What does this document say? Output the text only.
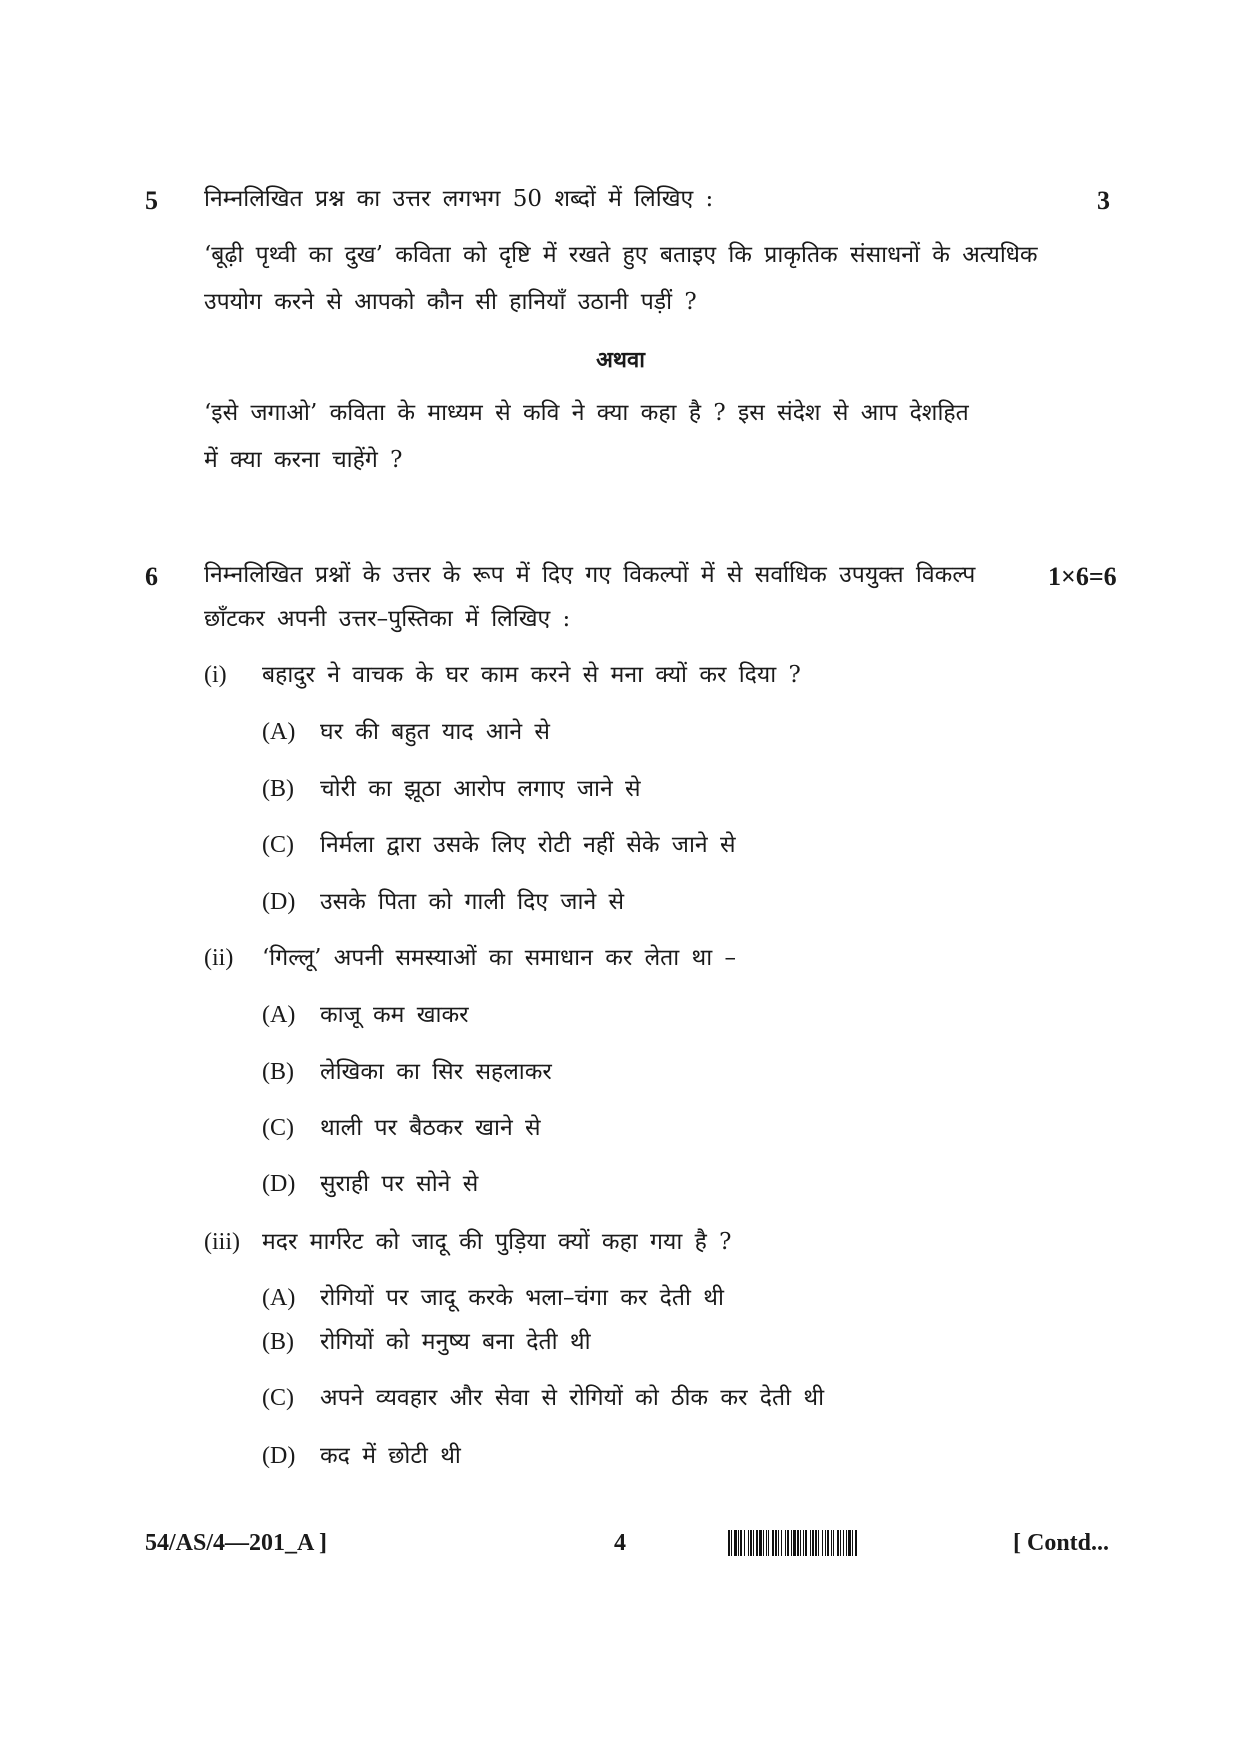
5 निम्नलिखित प्रश्न का उत्तर लगभग 50 शब्दों में लिखिए :	3
‘बूढ़ी पृथ्वी का दुख’ कविता को दृष्टि में रखते हुए बताइए कि प्राकृतिक संसाधनों के अत्यधिक
उपयोग करने से आपको कौन सी हानियाँ उठानी पड़ीं ?
अथवा
‘इसे जगाओ’ कविता के माध्यम से कवि ने क्या कहा है ? इस संदेश से आप देशहित
में क्या करना चाहेंगे ?
6 निम्नलिखित प्रश्नों के उत्तर के रूप में दिए गए विकल्पों में से सर्वाधिक उपयुक्त विकल्प	1×6=6
छाँटकर अपनी उत्तर–पुस्तिका में लिखिए :
(i) बहादुर ने वाचक के घर काम करने से मना क्यों कर दिया ?
(A) घर की बहुत याद आने से
(B) चोरी का झूठा आरोप लगाए जाने से
(C) निर्मला द्वारा उसके लिए रोटी नहीं सेके जाने से
(D) उसके पिता को गाली दिए जाने से
(ii) ‘गिल्लू’ अपनी समस्याओं का समाधान कर लेता था –
(A) काजू कम खाकर
(B) लेखिका का सिर सहलाकर
(C) थाली पर बैठकर खाने से
(D) सुराही पर सोने से
(iii) मदर मार्गरेट को जादू की पुड़िया क्यों कहा गया है ?
(A) रोगियों पर जादू करके भला–चंगा कर देती थी
(B) रोगियों को मनुष्य बना देती थी
(C) अपने व्यवहार और सेवा से रोगियों को ठीक कर देती थी
(D) कद में छोटी थी
54/AS/4—201_A ]	4	[ Contd...
